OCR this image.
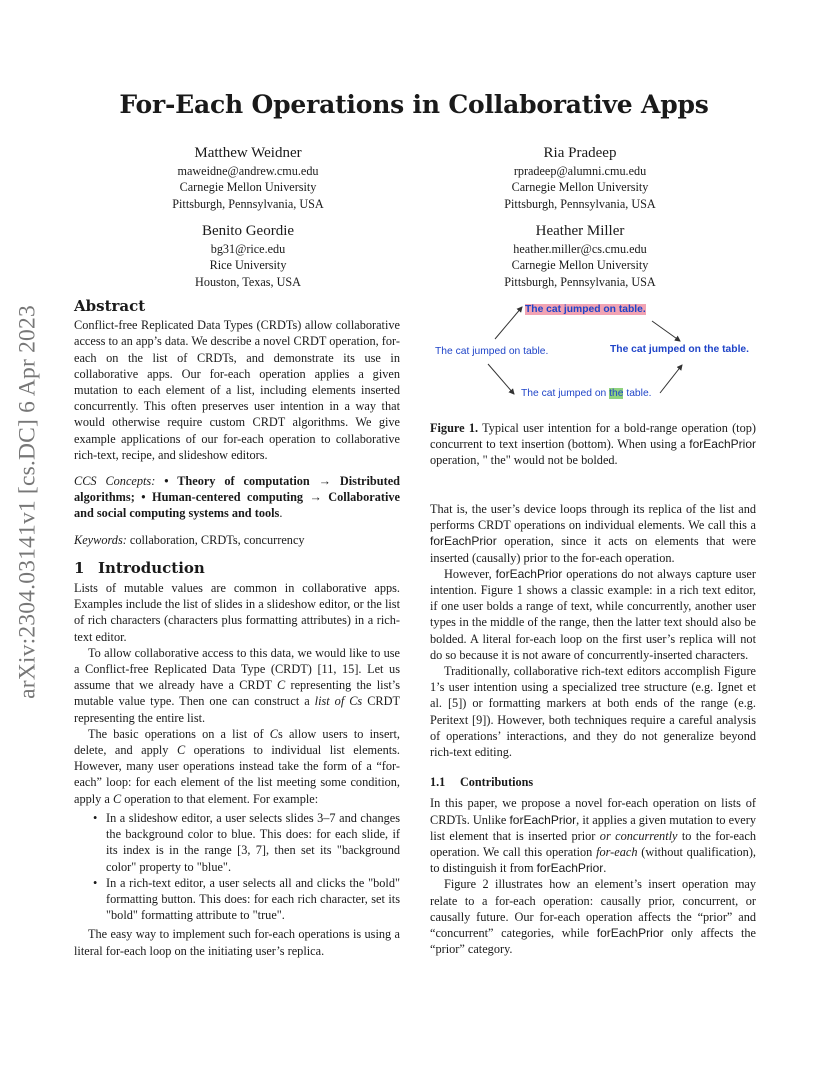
For-Each Operations in Collaborative Apps
arXiv:2304.03141v1 [cs.DC] 6 Apr 2023
Matthew Weidner
maweidne@andrew.cmu.edu
Carnegie Mellon University
Pittsburgh, Pennsylvania, USA
Ria Pradeep
rpradeep@alumni.cmu.edu
Carnegie Mellon University
Pittsburgh, Pennsylvania, USA
Benito Geordie
bg31@rice.edu
Rice University
Houston, Texas, USA
Heather Miller
heather.miller@cs.cmu.edu
Carnegie Mellon University
Pittsburgh, Pennsylvania, USA
Abstract

Conflict-free Replicated Data Types (CRDTs) allow collaborative access to an app’s data. We describe a novel CRDT operation, for-each on the list of CRDTs, and demonstrate its use in collaborative apps. Our for-each operation applies a given mutation to each element of a list, including elements inserted concurrently. This often preserves user intention in a way that would otherwise require custom CRDT algorithms. We give example applications of our for-each operation to collaborative rich-text, recipe, and slideshow editors.

CCS Concepts: • Theory of computation → Distributed algorithms; • Human-centered computing → Collaborative and social computing systems and tools.

Keywords: collaboration, CRDTs, concurrency

1 Introduction

Lists of mutable values are common in collaborative apps. Examples include the list of slides in a slideshow editor, or the list of rich characters (characters plus formatting attributes) in a rich-text editor.

To allow collaborative access to this data, we would like to use a Conflict-free Replicated Data Type (CRDT) [11, 15]. Let us assume that we already have a CRDT C representing the list’s mutable value type. Then one can construct a list of Cs CRDT representing the entire list.

The basic operations on a list of Cs allow users to insert, delete, and apply C operations to individual list elements. However, many user operations instead take the form of a “for-each” loop: for each element of the list meeting some condition, apply a C operation to that element. For example:

• In a slideshow editor, a user selects slides 3–7 and changes the background color to blue. This does: for each slide, if its index is in the range [3, 7], then set its "background color" property to "blue".
• In a rich-text editor, a user selects all and clicks the "bold" formatting button. This does: for each rich character, set its "bold" formatting attribute to "true".

The easy way to implement such for-each operations is using a literal for-each loop on the initiating user’s replica.

The cat jumped on table.
The cat jumped on table.	The cat jumped on the table.
The cat jumped on the table.
Figure 1. Typical user intention for a bold-range operation (top) concurrent to text insertion (bottom). When using a forEachPrior operation, " the" would not be bolded.

That is, the user’s device loops through its replica of the list and performs CRDT operations on individual elements. We call this a forEachPrior operation, since it acts on elements that were inserted (causally) prior to the for-each operation.

However, forEachPrior operations do not always capture user intention. Figure 1 shows a classic example: in a rich text editor, if one user bolds a range of text, while concurrently, another user types in the middle of the range, then the latter text should also be bolded. A literal for-each loop on the first user’s replica will not do so because it is not aware of concurrently-inserted characters.

Traditionally, collaborative rich-text editors accomplish Figure 1’s user intention using a specialized tree structure (e.g. Ignet et al. [5]) or formatting markers at both ends of the range (e.g. Peritext [9]). However, both techniques require a careful analysis of operations’ interactions, and they do not generalize beyond rich-text editing.

1.1 Contributions

In this paper, we propose a novel for-each operation on lists of CRDTs. Unlike forEachPrior, it applies a given mutation to every list element that is inserted prior or concurrently to the for-each operation. We call this operation for-each (without qualification), to distinguish it from forEachPrior.

Figure 2 illustrates how an element’s insert operation may relate to a for-each operation: causally prior, concurrent, or causally future. Our for-each operation affects the “prior” and “concurrent” categories, while forEachPrior only affects the “prior” category.
